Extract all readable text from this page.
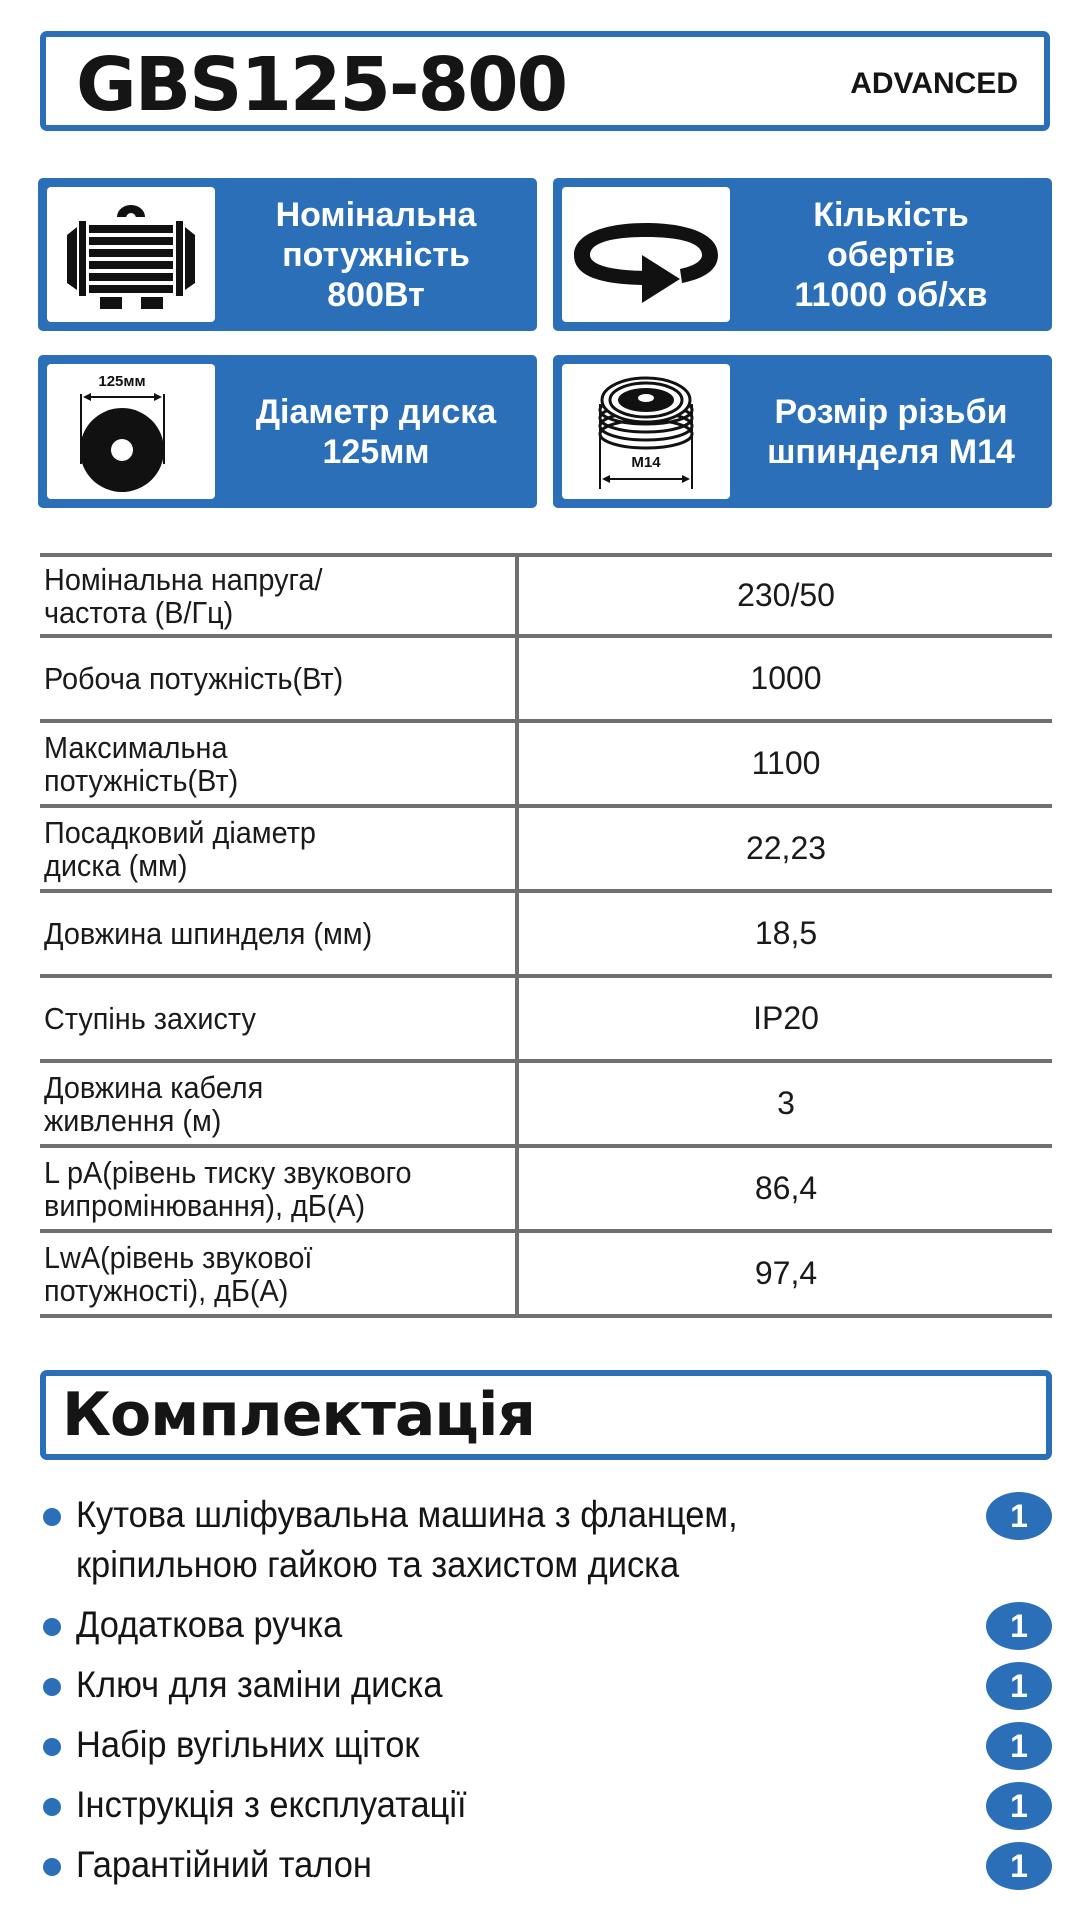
GBS125-800	ADVANCED
Номінальна
потужність
800Вт
Кількість
обертів
11000 об/хв
125мм
Діаметр диска
125мм	M14
Розмір різьби
шпинделя M14
Номінальна напруга/
частота (В/Гц)	230/50
Робоча потужність(Вт)	1000
Максимальна
потужність(Вт)	1100
Посадковий діаметр
диска (мм)	22,23
Довжина шпинделя (мм)	18,5
Ступінь захисту	IP20
Довжина кабеля
живлення (м)	3
L pA(рівень тиску звукового
випромінювання), дБ(А)	86,4
LwA(рівень звукової
потужності), дБ(А)	97,4
Комплектація
Кутова шліфувальна машина з фланцем, кріпильною гайкою та захистом диска
1
Додаткова ручка	1
Ключ для заміни диска	1
Набір вугільних щіток	1
Інструкція з експлуатації	1
Гарантійний талон	1
